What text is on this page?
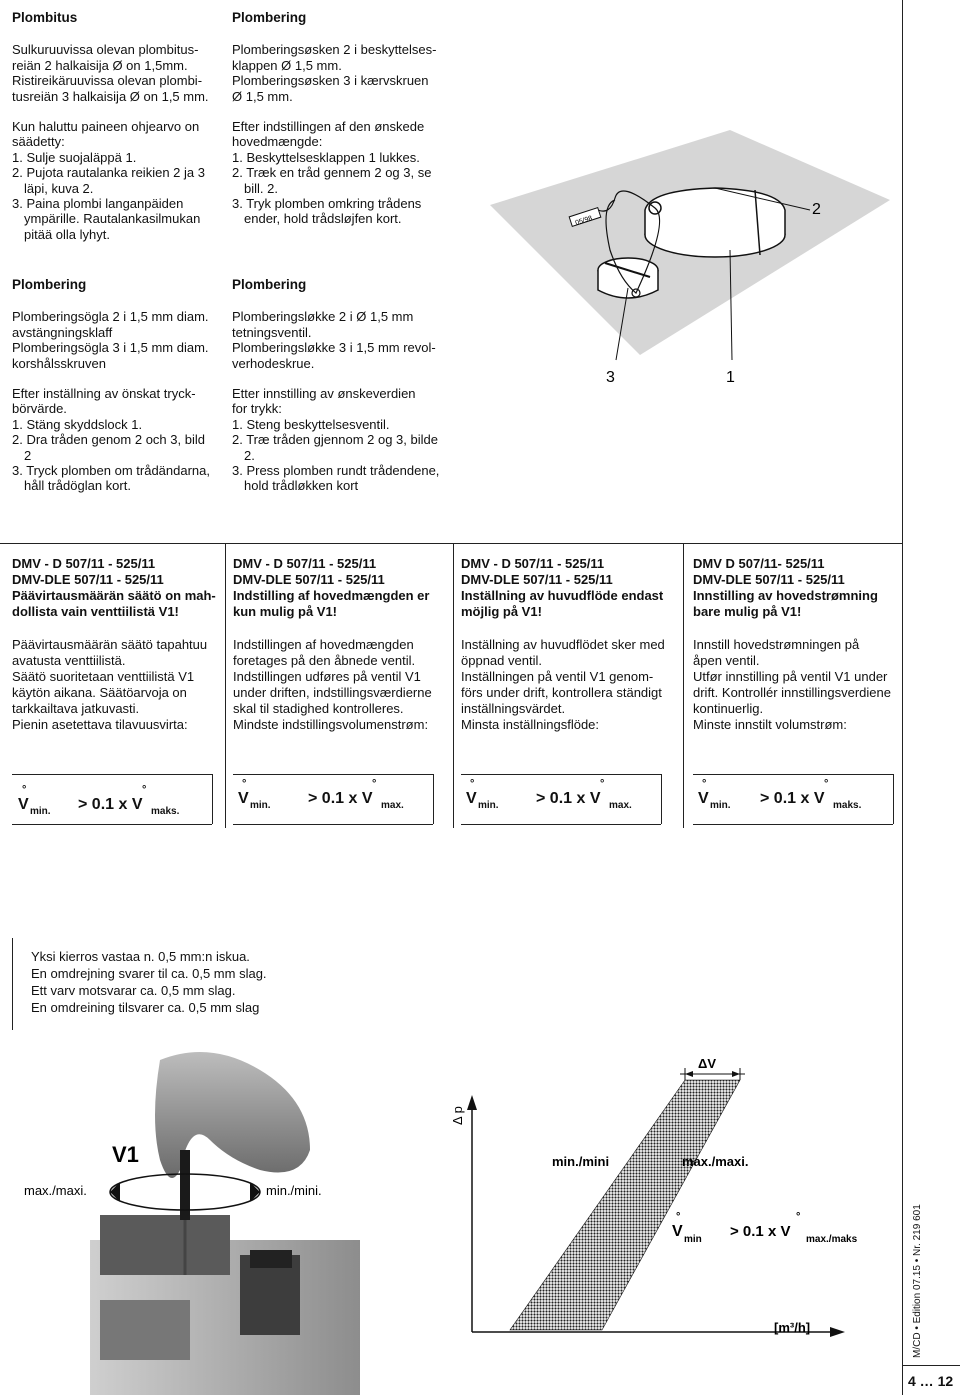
Plombitus

Sulkuruuvissa olevan plombitus-

reiän 2 halkaisija Ø on 1,5mm.

Ristireikäruuvissa olevan plombi-

tusreiän 3 halkaisija Ø on 1,5 mm.

Kun haluttu paineen ohjearvo on

säädetty:

1. Sulje suojaläppä 1.

2. Pujota rautalanka reikien 2 ja 3

läpi, kuva 2.

3. Paina plombi langanpäiden

ympärille. Rautalankasilmukan

pitää olla lyhyt.

Plombering

Plomberingsögla 2 i 1,5 mm diam.

avstängningsklaff

Plomberingsögla 3 i 1,5 mm diam.

korshålsskruven

Efter inställning av önskat tryck-

börvärde.

1. Stäng skyddslock 1.

2. Dra tråden genom 2 och 3, bild

2

3. Tryck plomben om trådändarna,

håll trådöglan kort.

Plombering

Plomberingsøsken 2 i beskyttelses-

klappen Ø 1,5 mm.

Plomberingsøsken 3 i kærvskruen

Ø 1,5 mm.

Efter indstillingen af den ønskede

hovedmængde:

1. Beskyttelsesklappen 1 lukkes.

2. Træk en tråd gennem 2 og 3, se

bill. 2.

3. Tryk plomben omkring trådens

ender, hold trådsløjfen kort.

Plombering

Plomberingsløkke 2 i Ø 1,5 mm

tetningsventil.

Plomberingsløkke 3 i 1,5 mm revol-

verhodeskrue.

Etter innstilling av ønskeverdien

for trykk:

1. Steng beskyttelsesventil.

2. Træ tråden gjennom 2 og 3, bilde

2.

3. Press plomben rundt trådendene,

hold trådløkken kort

05/98
2
3	1

DMV - D 507/11 - 525/11

DMV-DLE 507/11 - 525/11

Päävirtausmäärän säätö on mah-

dollista vain venttiilistä V1!

Päävirtausmäärän säätö tapahtuu

avatusta venttiilistä.

Säätö suoritetaan venttiilistä V1

käytön aikana. Säätöarvoja on

tarkkailtava jatkuvasti.

Pienin asetettava tilavuusvirta:

DMV - D 507/11 - 525/11

DMV-DLE 507/11 - 525/11

Indstilling af hovedmængden er

kun mulig på V1!

Indstillingen af hovedmængden

foretages på den åbnede ventil.

Indstillingen udføres på ventil V1

under driften, indstillingsværdierne

skal til stadighed kontrolleres.

Mindste indstillingsvolumenstrøm:

DMV - D 507/11 - 525/11

DMV-DLE 507/11 - 525/11

Inställning av huvudflöde endast

möjlig på V1!

Inställning av huvudflödet sker med

öppnad ventil.

Inställningen på ventil V1 genom-

förs under drift, kontrollera ständigt

inställningsvärdet.

Minsta inställningsflöde:

DMV D 507/11- 525/11

DMV-DLE 507/11 - 525/11

Innstilling av hovedstrømning

bare mulig på V1!

Innstill hovedstrømningen på

åpen ventil.

Utfør innstilling på ventil V1 under

drift. Kontrollér innstillingsverdiene

kontinuerlig.

Minste innstilt volumstrøm:

V
°
min. > 0.1 x V
°
maks.
V
°
min. > 0.1 x V
°
max.	V
°
min. > 0.1 x V
°
max.	V
°
min. > 0.1 x V
°
maks.

Yksi kierros vastaa n. 0,5 mm:n iskua.

En omdrejning svarer til ca. 0,5 mm slag.

Ett varv motsvarar ca. 0,5 mm slag.

En omdreining tilsvarer ca. 0,5 mm slag

V1
max./maxi.	min./mini.
Δ p
ΔV
min./mini	max./maxi.
V
°
min > 0.1 x V
°
max./maks
[m³/h]	M/CD • Edition 07.15 • Nr. 219 601
4 … 12
